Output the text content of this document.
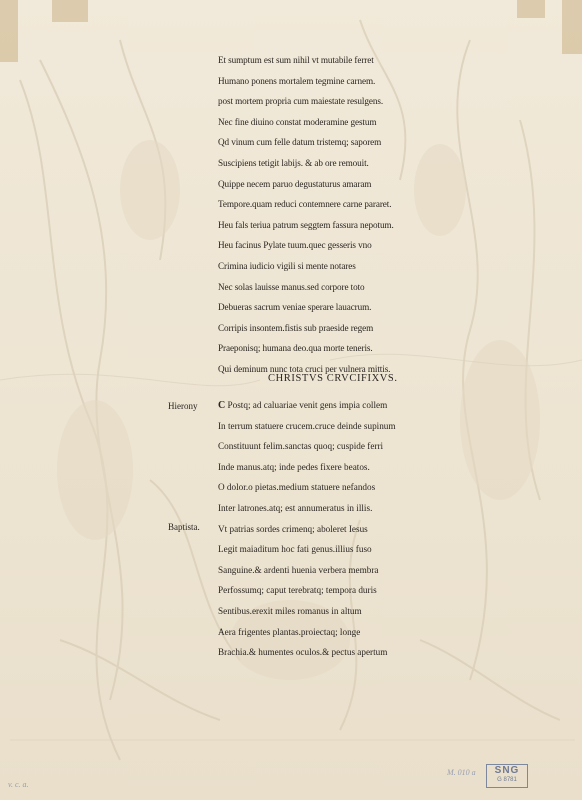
Et sumptum est sum nihil vt mutabile ferret
Humano ponens mortalem tegmine carnem.
post mortem propria cum maiestate resulgens.
Nec fine diuino constat moderamine gestum
Qd vinum cum felle datum tristemq; saporem
Suscipiens tetigit labijs. & ab ore remouit.
Quippe necem paruo degustaturus amaram
Tempore.quam reduci contemnere carne pararet.
Heu fals teriua patrum seggtem fassura nepotum.
Heu facinus Pylate tuum.quec gesseris vno
Crimina iudicio vigili si mente notares
Nec solas lauisse manus.sed corpore toto
Debueras sacrum veniae sperare lauacrum.
Corripis insontem.fistis sub praeside regem
Praeponisq; humana deo.qua morte teneris.
Qui deminum nunc tota cruci per vulnera mittis.
CHRISTVS CRVCIFIXVS.
Hierony
Baptista.
C Postq; ad caluariae venit gens impia collem
In terrum statuere crucem.cruce deinde supinum
Constituunt felim.sanctas quoq; cuspide ferri
Inde manus.atq; inde pedes fixere beatos.
O dolor.o pietas.medium statuere nefandos
Inter latrones.atq; est annumeratus in illis.
Vt patrias sordes crimenq; aboleret Iesus
Legit maiaditum hoc fati genus.illius fuso
Sanguine.& ardenti huenia verbera membra
Perfossumq; caput terebratq; tempora duris
Sentibus.erexit miles romanus in altum
Aera frigentes plantas.proiectaq; longe
Brachia.& humentes oculos.& pectus apertum
v. c. a.
M. 010 a	SNG
G 8781
